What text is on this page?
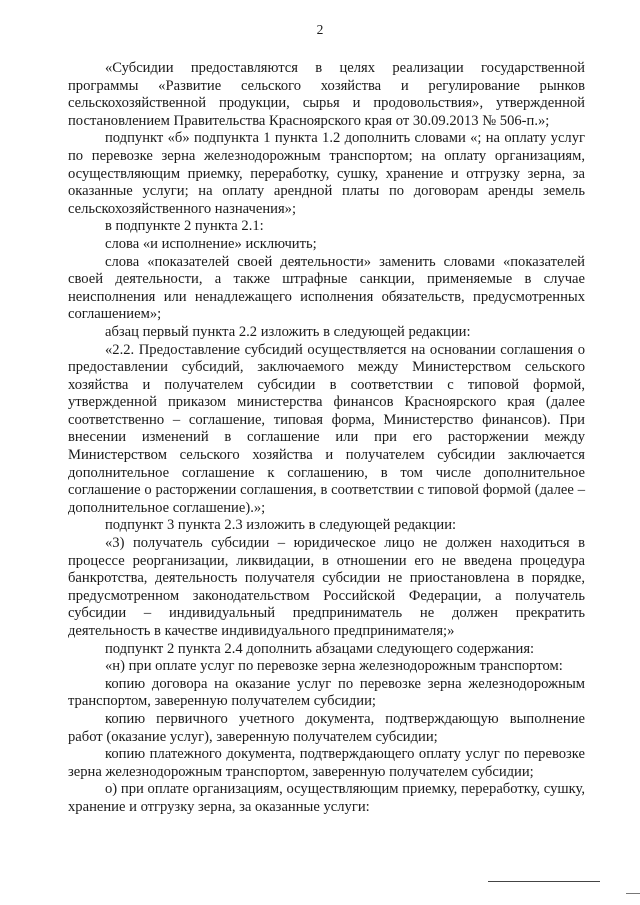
2

«Субсидии предоставляются в целях реализации государственной программы «Развитие сельского хозяйства и регулирование рынков сельскохозяйственной продукции, сырья и продовольствия», утвержденной постановлением Правительства Красноярского края от 30.09.2013 № 506-п.»;

подпункт «б» подпункта 1 пункта 1.2 дополнить словами «; на оплату услуг по перевозке зерна железнодорожным транспортом; на оплату организациям, осуществляющим приемку, переработку, сушку, хранение и отгрузку зерна, за оказанные услуги; на оплату арендной платы по договорам аренды земель сельскохозяйственного назначения»;

в подпункте 2 пункта 2.1:

слова «и исполнение» исключить;

слова «показателей своей деятельности» заменить словами «показателей своей деятельности, а также штрафные санкции, применяемые в случае неисполнения или ненадлежащего исполнения обязательств, предусмотренных соглашением»;

абзац первый пункта 2.2 изложить в следующей редакции:

«2.2. Предоставление субсидий осуществляется на основании соглашения о предоставлении субсидий, заключаемого между Министерством сельского хозяйства и получателем субсидии в соответствии с типовой формой, утвержденной приказом министерства финансов Красноярского края (далее соответственно – соглашение, типовая форма, Министерство финансов). При внесении изменений в соглашение или при его расторжении между Министерством сельского хозяйства и получателем субсидии заключается дополнительное соглашение к соглашению, в том числе дополнительное соглашение о расторжении соглашения, в соответствии с типовой формой (далее – дополнительное соглашение).»;

подпункт 3 пункта 2.3 изложить в следующей редакции:

«3) получатель субсидии – юридическое лицо не должен находиться в процессе реорганизации, ликвидации, в отношении его не введена процедура банкротства, деятельность получателя субсидии не приостановлена в порядке, предусмотренном законодательством Российской Федерации, а получатель субсидии – индивидуальный предприниматель не должен прекратить деятельность в качестве индивидуального предпринимателя;»

подпункт 2 пункта 2.4 дополнить абзацами следующего содержания:

«н) при оплате услуг по перевозке зерна железнодорожным транспортом:

копию договора на оказание услуг по перевозке зерна железнодорожным транспортом, заверенную получателем субсидии;

копию первичного учетного документа, подтверждающую выполнение работ (оказание услуг), заверенную получателем субсидии;

копию платежного документа, подтверждающего оплату услуг по перевозке зерна железнодорожным транспортом, заверенную получателем субсидии;

о) при оплате организациям, осуществляющим приемку, переработку, сушку, хранение и отгрузку зерна, за оказанные услуги:
